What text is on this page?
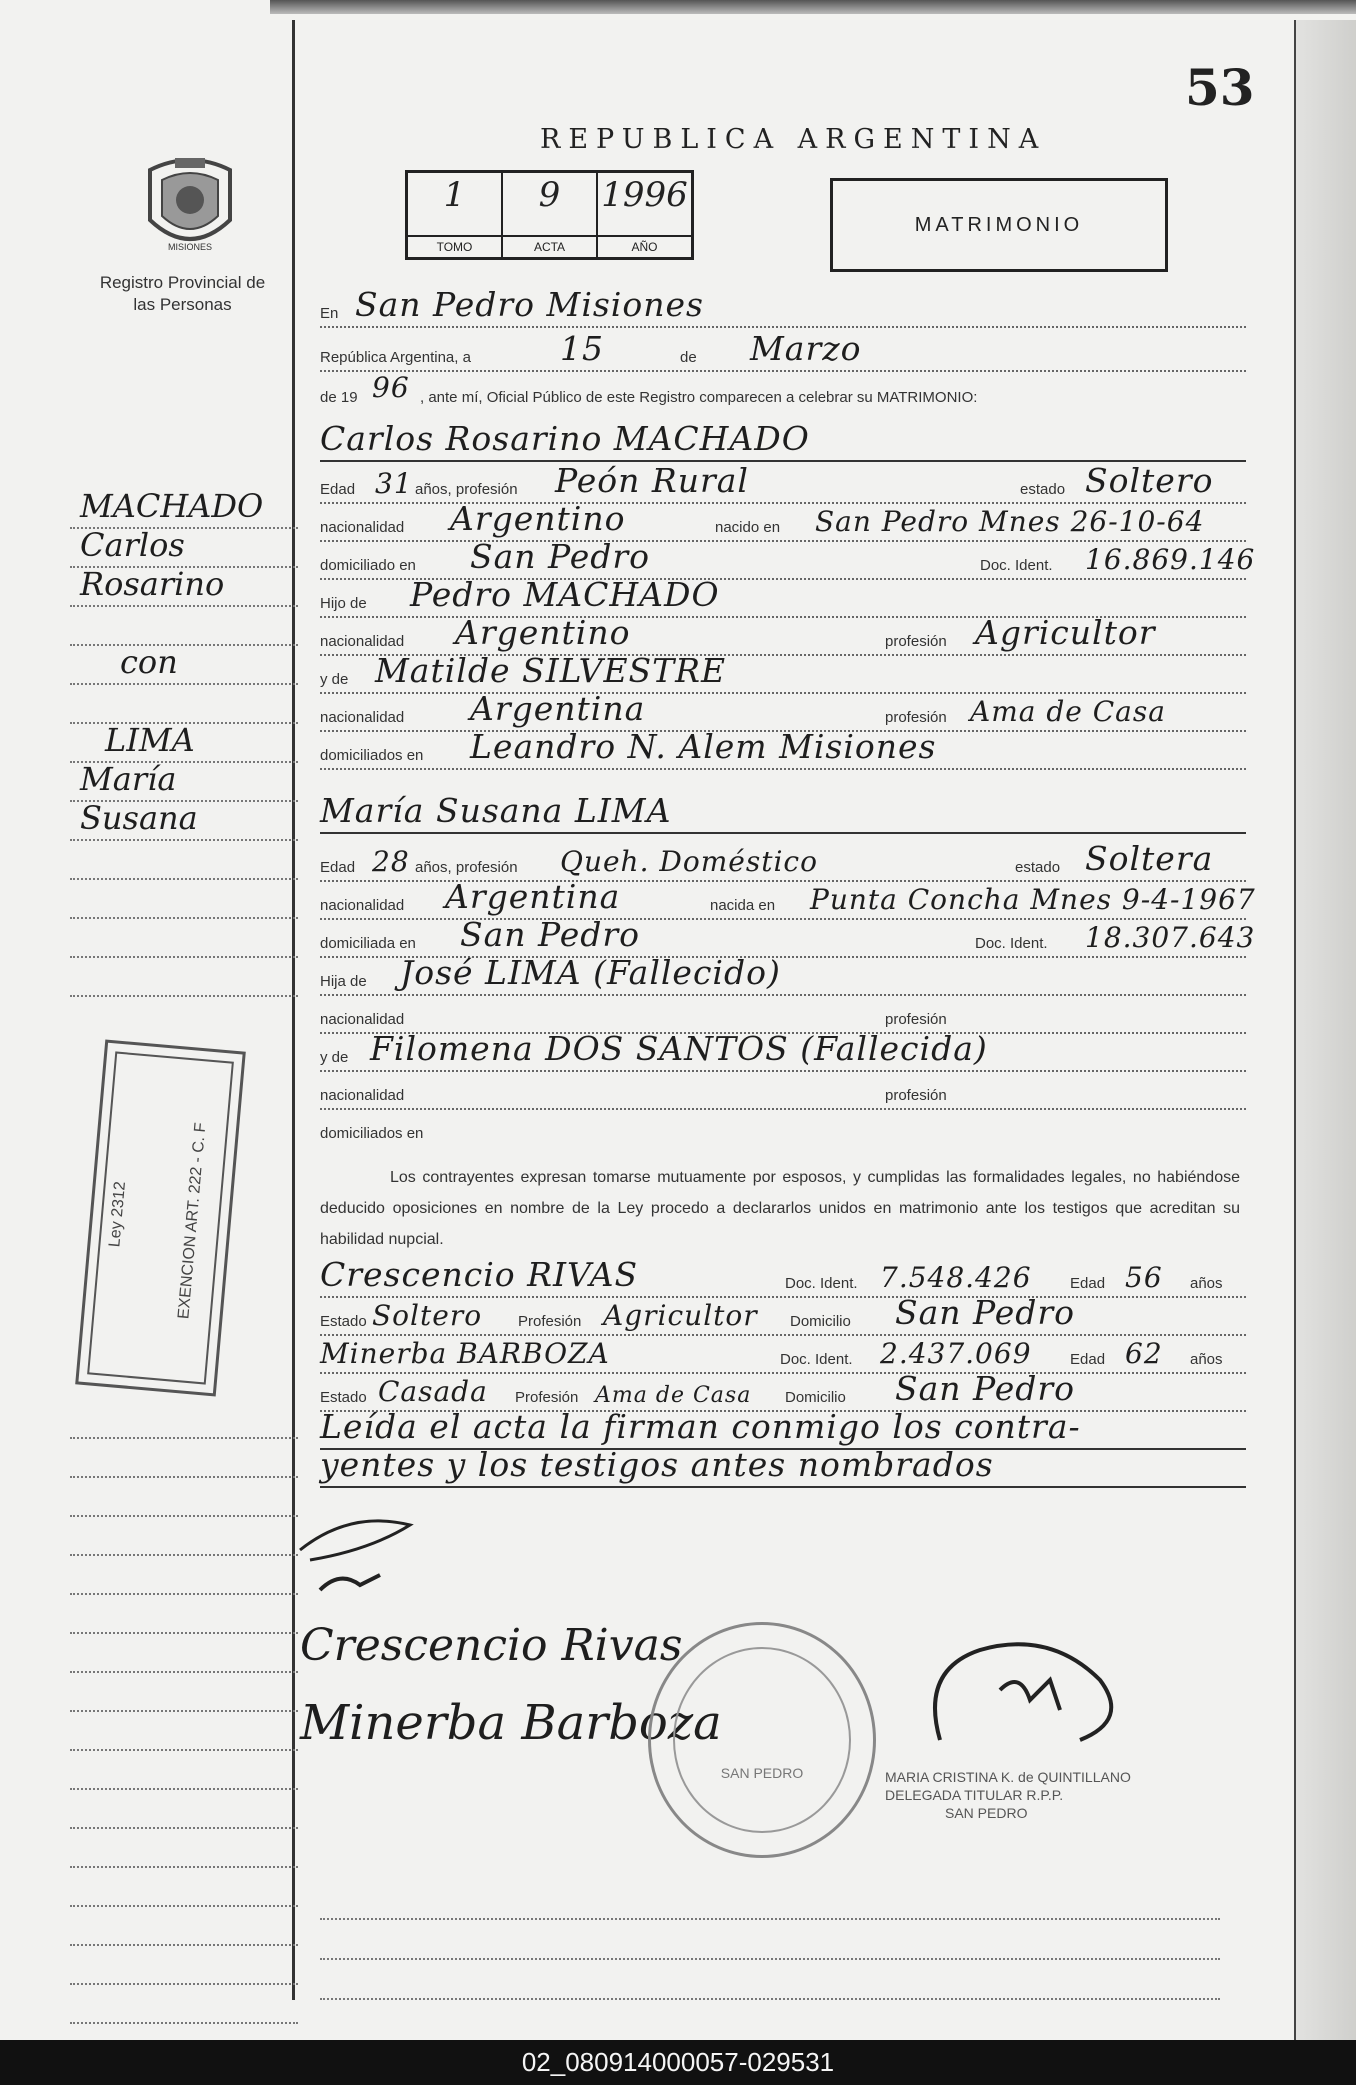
53
REPUBLICA ARGENTINA
MISIONES
Registro Provincial de las Personas
1
TOMO
9
ACTA
1996
AÑO
MATRIMONIO
En San Pedro Misiones
República Argentina, a	15	de Marzo
de 19 96 , ante mí, Oficial Público de este Registro comparecen a celebrar su MATRIMONIO:
Carlos Rosarino MACHADO
Edad 31 años, profesión Peón Rural	estado Soltero
nacionalidad Argentino	nacido en San Pedro Mnes 26-10-64
domiciliado en San Pedro	Doc. Ident. 16.869.146
Hijo de Pedro MACHADO
nacionalidad Argentino	profesión Agricultor
y de Matilde SILVESTRE
nacionalidad Argentina	profesión Ama de Casa
domiciliados en Leandro N. Alem Misiones
María Susana LIMA
Edad 28 años, profesión Queh. Doméstico	estado Soltera
nacionalidad Argentina	nacida en Punta Concha Mnes 9-4-1967
domiciliada en San Pedro	Doc. Ident. 18.307.643
Hija de José LIMA (Fallecido)
nacionalidad	profesión
y de Filomena DOS SANTOS (Fallecida)
nacionalidad	profesión
domiciliados en
Los contrayentes expresan tomarse mutuamente por esposos, y cumplidas las formalidades legales, no habiéndose deducido oposiciones en nombre de la Ley procedo a declararlos unidos en matrimonio ante los testigos que acreditan su habilidad nupcial.
Crescencio RIVAS	Doc. Ident. 7.548.426	Edad 56 años
Estado Soltero Profesión Agricultor Domicilio San Pedro
Minerba BARBOZA	Doc. Ident. 2.437.069	Edad 62 años
Estado Casada Profesión Ama de Casa Domicilio San Pedro
Leída el acta la firman conmigo los contra-
yentes y los testigos antes nombrados
MACHADO
Carlos
Rosarino
con
LIMA
María
Susana
Ley 2312	EXENCION ART. 222 - C. F
Crescencio Rivas
Minerba Barboza
SAN PEDRO	MARIA CRISTINA K. de QUINTILLANO
DELEGADA TITULAR R.P.P.
SAN PEDRO
02_080914000057-029531
